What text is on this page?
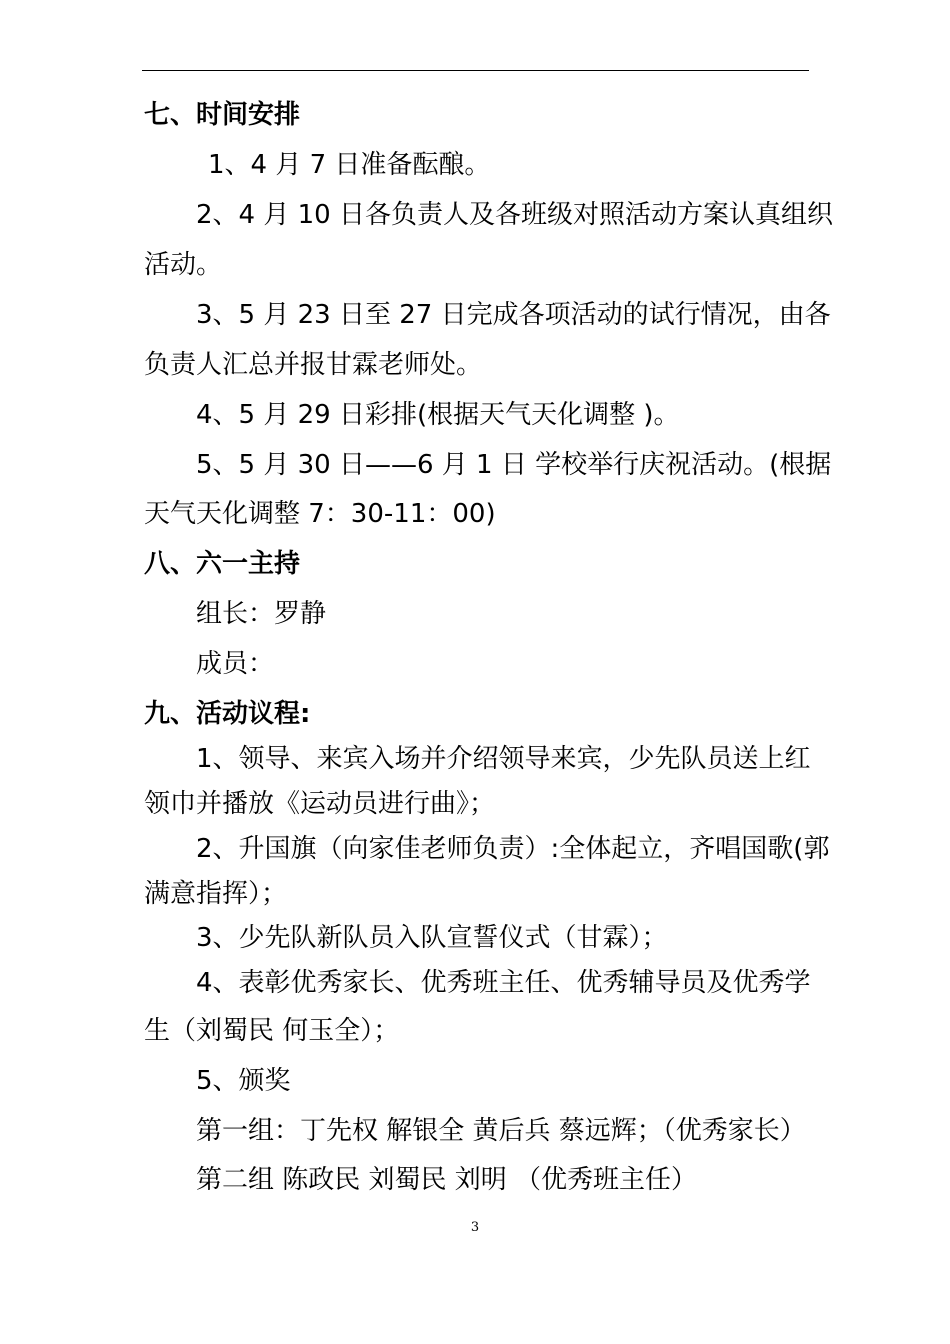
七、时间安排
1、4 月 7 日准备酝酿。
2、4 月 10 日各负责人及各班级对照活动方案认真组织
活动。
3、5 月 23 日至 27 日完成各项活动的试行情况，由各
负责人汇总并报甘霖老师处。
4、5 月 29 日彩排(根据天气天化调整 )。
5、5 月 30 日——6 月 1 日 学校举行庆祝活动。(根据
天气天化调整 7：30-11：00)
八、六一主持
组长：罗静
成员：
九、活动议程:
1、领导、来宾入场并介绍领导来宾，少先队员送上红
领巾并播放《运动员进行曲》；
2、升国旗（向家佳老师负责）:全体起立，齐唱国歌(郭
满意指挥）；
3、少先队新队员入队宣誓仪式（甘霖）；
4、表彰优秀家长、优秀班主任、优秀辅导员及优秀学
生（刘蜀民 何玉全）；
5、颁奖
第一组：丁先权 解银全 黄后兵 蔡远辉；（优秀家长）
第二组 陈政民 刘蜀民 刘明 （优秀班主任）
3
